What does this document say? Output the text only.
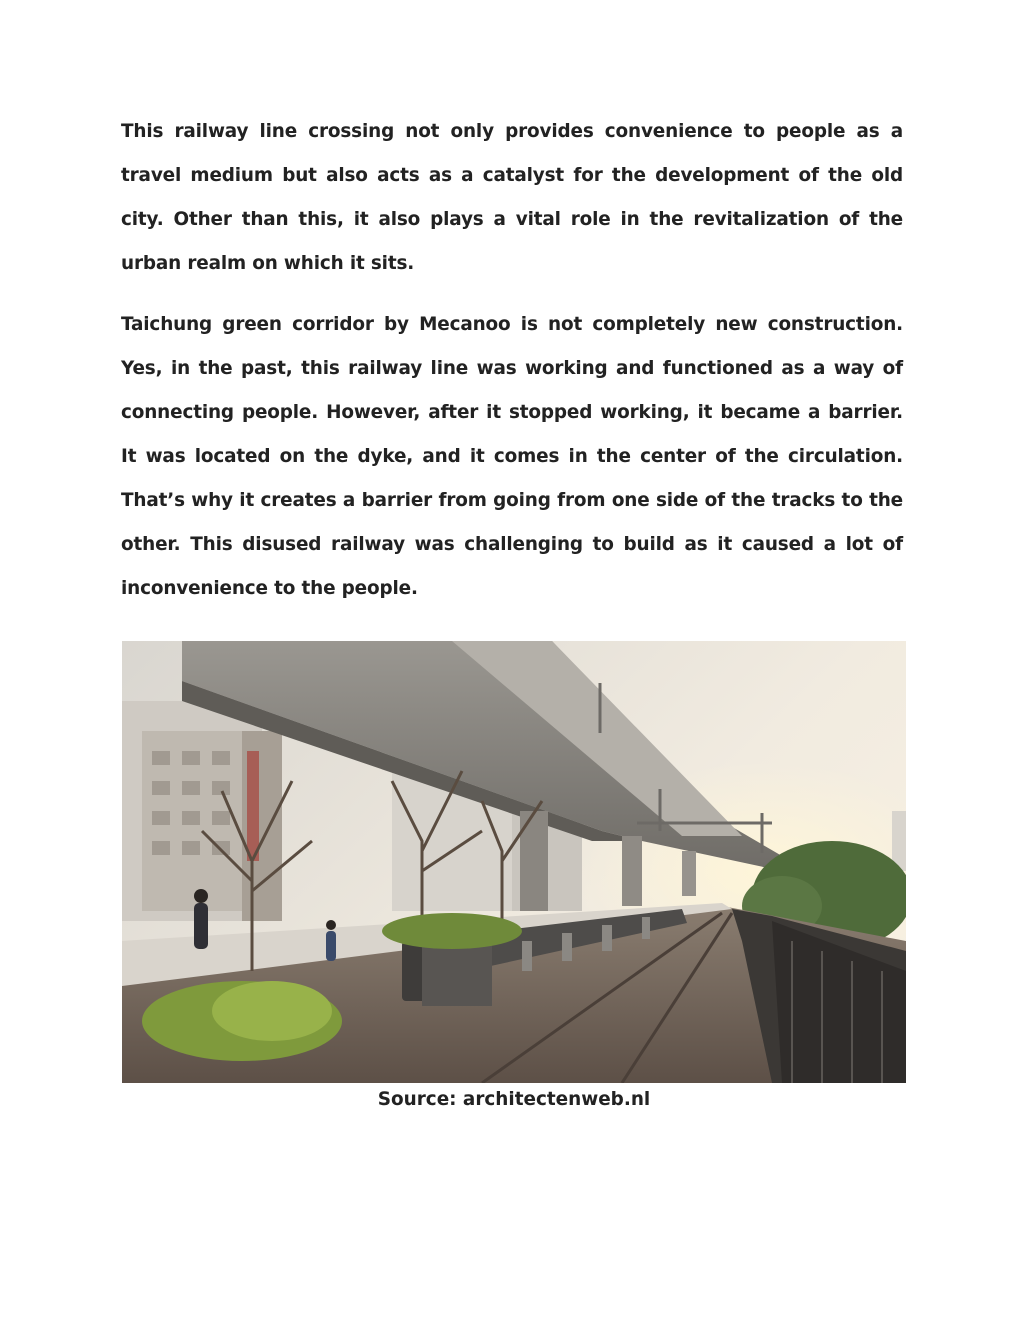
This railway line crossing not only provides convenience to people as a travel medium but also acts as a catalyst for the development of the old city. Other than this, it also plays a vital role in the revitalization of the urban realm on which it sits.

Taichung green corridor by Mecanoo is not completely new construction. Yes, in the past, this railway line was working and functioned as a way of connecting people. However, after it stopped working, it became a barrier. It was located on the dyke, and it comes in the center of the circulation. That’s why it creates a barrier from going from one side of the tracks to the other. This disused railway was challenging to build as it caused a lot of inconvenience to the people.

Source: architectenweb.nl
